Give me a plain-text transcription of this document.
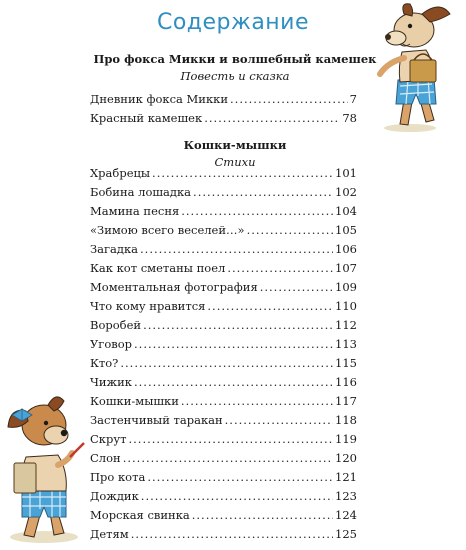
Содержание
Про фокса Микки и волшебный камешек
Повесть и сказка
Дневник фокса Микки .....	7
Красный камешек .....	78
Кошки-мышки
Стихи
Храбрецы .....	101
Бобина лошадка .....	102
Мамина песня .....	104
«Зимою всего веселей…» .....	105
Загадка .....	106
Как кот сметаны поел .....	107
Моментальная фотография .....	109
Что кому нравится .....	110
Воробей .....	112
Уговор .....	113
Кто? .....	115
Чижик .....	116
Кошки-мышки .....	117
Застенчивый таракан .....	118
Скрут .....	119
Слон .....	120
Про кота .....	121
Дождик .....	123
Морская свинка .....	124
Детям .....	125
